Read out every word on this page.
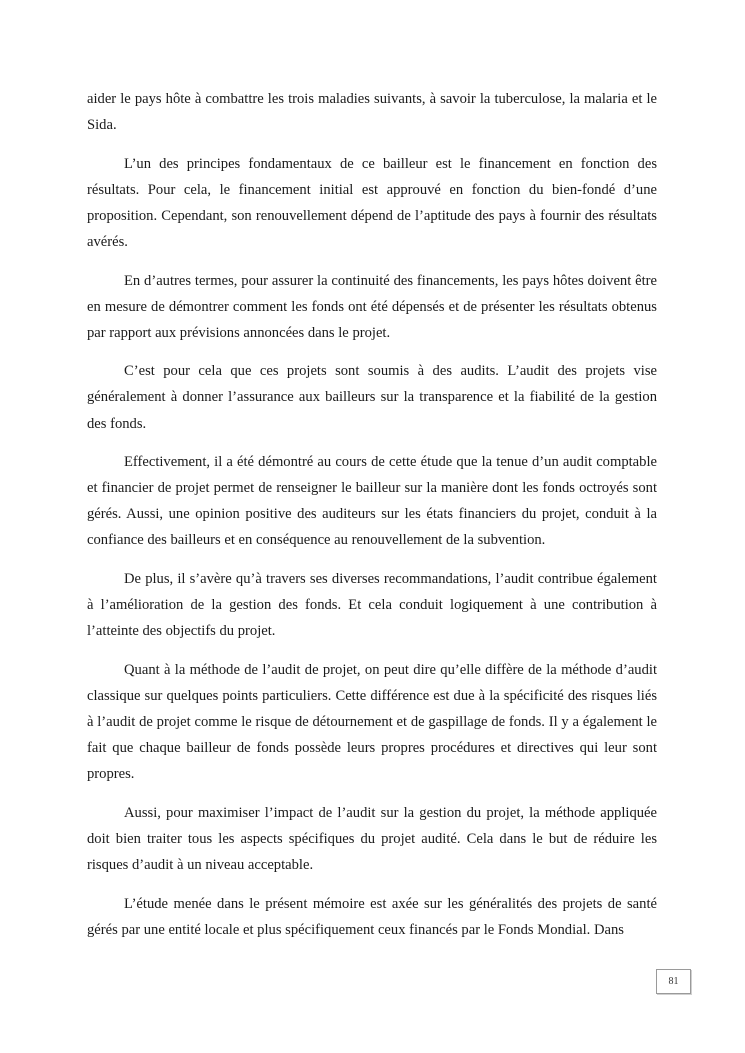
aider le pays hôte à combattre les trois maladies suivants, à savoir la tuberculose, la malaria et le Sida.

L’un des principes fondamentaux de ce bailleur est le financement en fonction des résultats. Pour cela, le financement initial est approuvé en fonction du bien-fondé d’une proposition. Cependant, son renouvellement dépend de l’aptitude des pays à fournir des résultats avérés.

En d’autres termes, pour assurer la continuité des financements, les pays hôtes doivent être en mesure de démontrer comment les fonds ont été dépensés et de présenter les résultats obtenus par rapport aux prévisions annoncées dans le projet.

C’est pour cela que ces projets sont soumis à des audits. L’audit des projets vise généralement à donner l’assurance aux bailleurs sur la transparence et la fiabilité de la gestion des fonds.

Effectivement, il a été démontré au cours de cette étude que la tenue d’un audit comptable et financier de projet permet de renseigner le bailleur sur la manière dont les fonds octroyés sont gérés. Aussi, une opinion positive des auditeurs sur les états financiers du projet, conduit à la confiance des bailleurs et en conséquence au renouvellement de la subvention.

De plus, il s’avère qu’à travers ses diverses recommandations, l’audit contribue également à l’amélioration de la gestion des fonds. Et cela conduit logiquement à une contribution à l’atteinte des objectifs du projet.

Quant à la méthode de l’audit de projet, on peut dire qu’elle diffère de la méthode d’audit classique sur quelques points particuliers. Cette différence est due à la spécificité des risques liés à l’audit de projet comme le risque de détournement et de gaspillage de fonds. Il y a également le fait que chaque bailleur de fonds possède leurs propres procédures et directives qui leur sont propres.

Aussi, pour maximiser l’impact de l’audit sur la gestion du projet, la méthode appliquée doit bien traiter tous les aspects spécifiques du projet audité. Cela dans le but de réduire les risques d’audit à un niveau acceptable.

L’étude menée dans le présent mémoire est axée sur les généralités des projets de santé gérés par une entité locale et plus spécifiquement ceux financés par le Fonds Mondial. Dans

81
